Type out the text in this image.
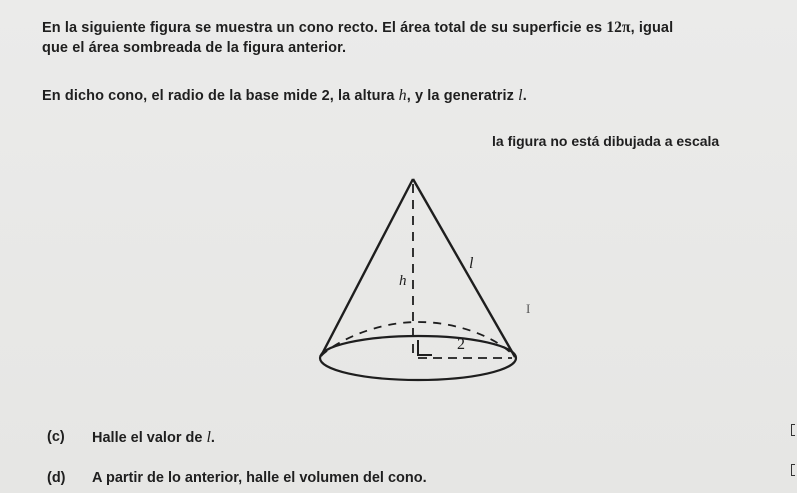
En la siguiente figura se muestra un cono recto. El área total de su superficie es 12π, igual
que el área sombreada de la figura anterior.
En dicho cono, el radio de la base mide 2, la altura h, y la generatriz l.
la figura no está dibujada a escala
l
h
2
I
(c) Halle el valor de l.
(d) A partir de lo anterior, halle el volumen del cono.
